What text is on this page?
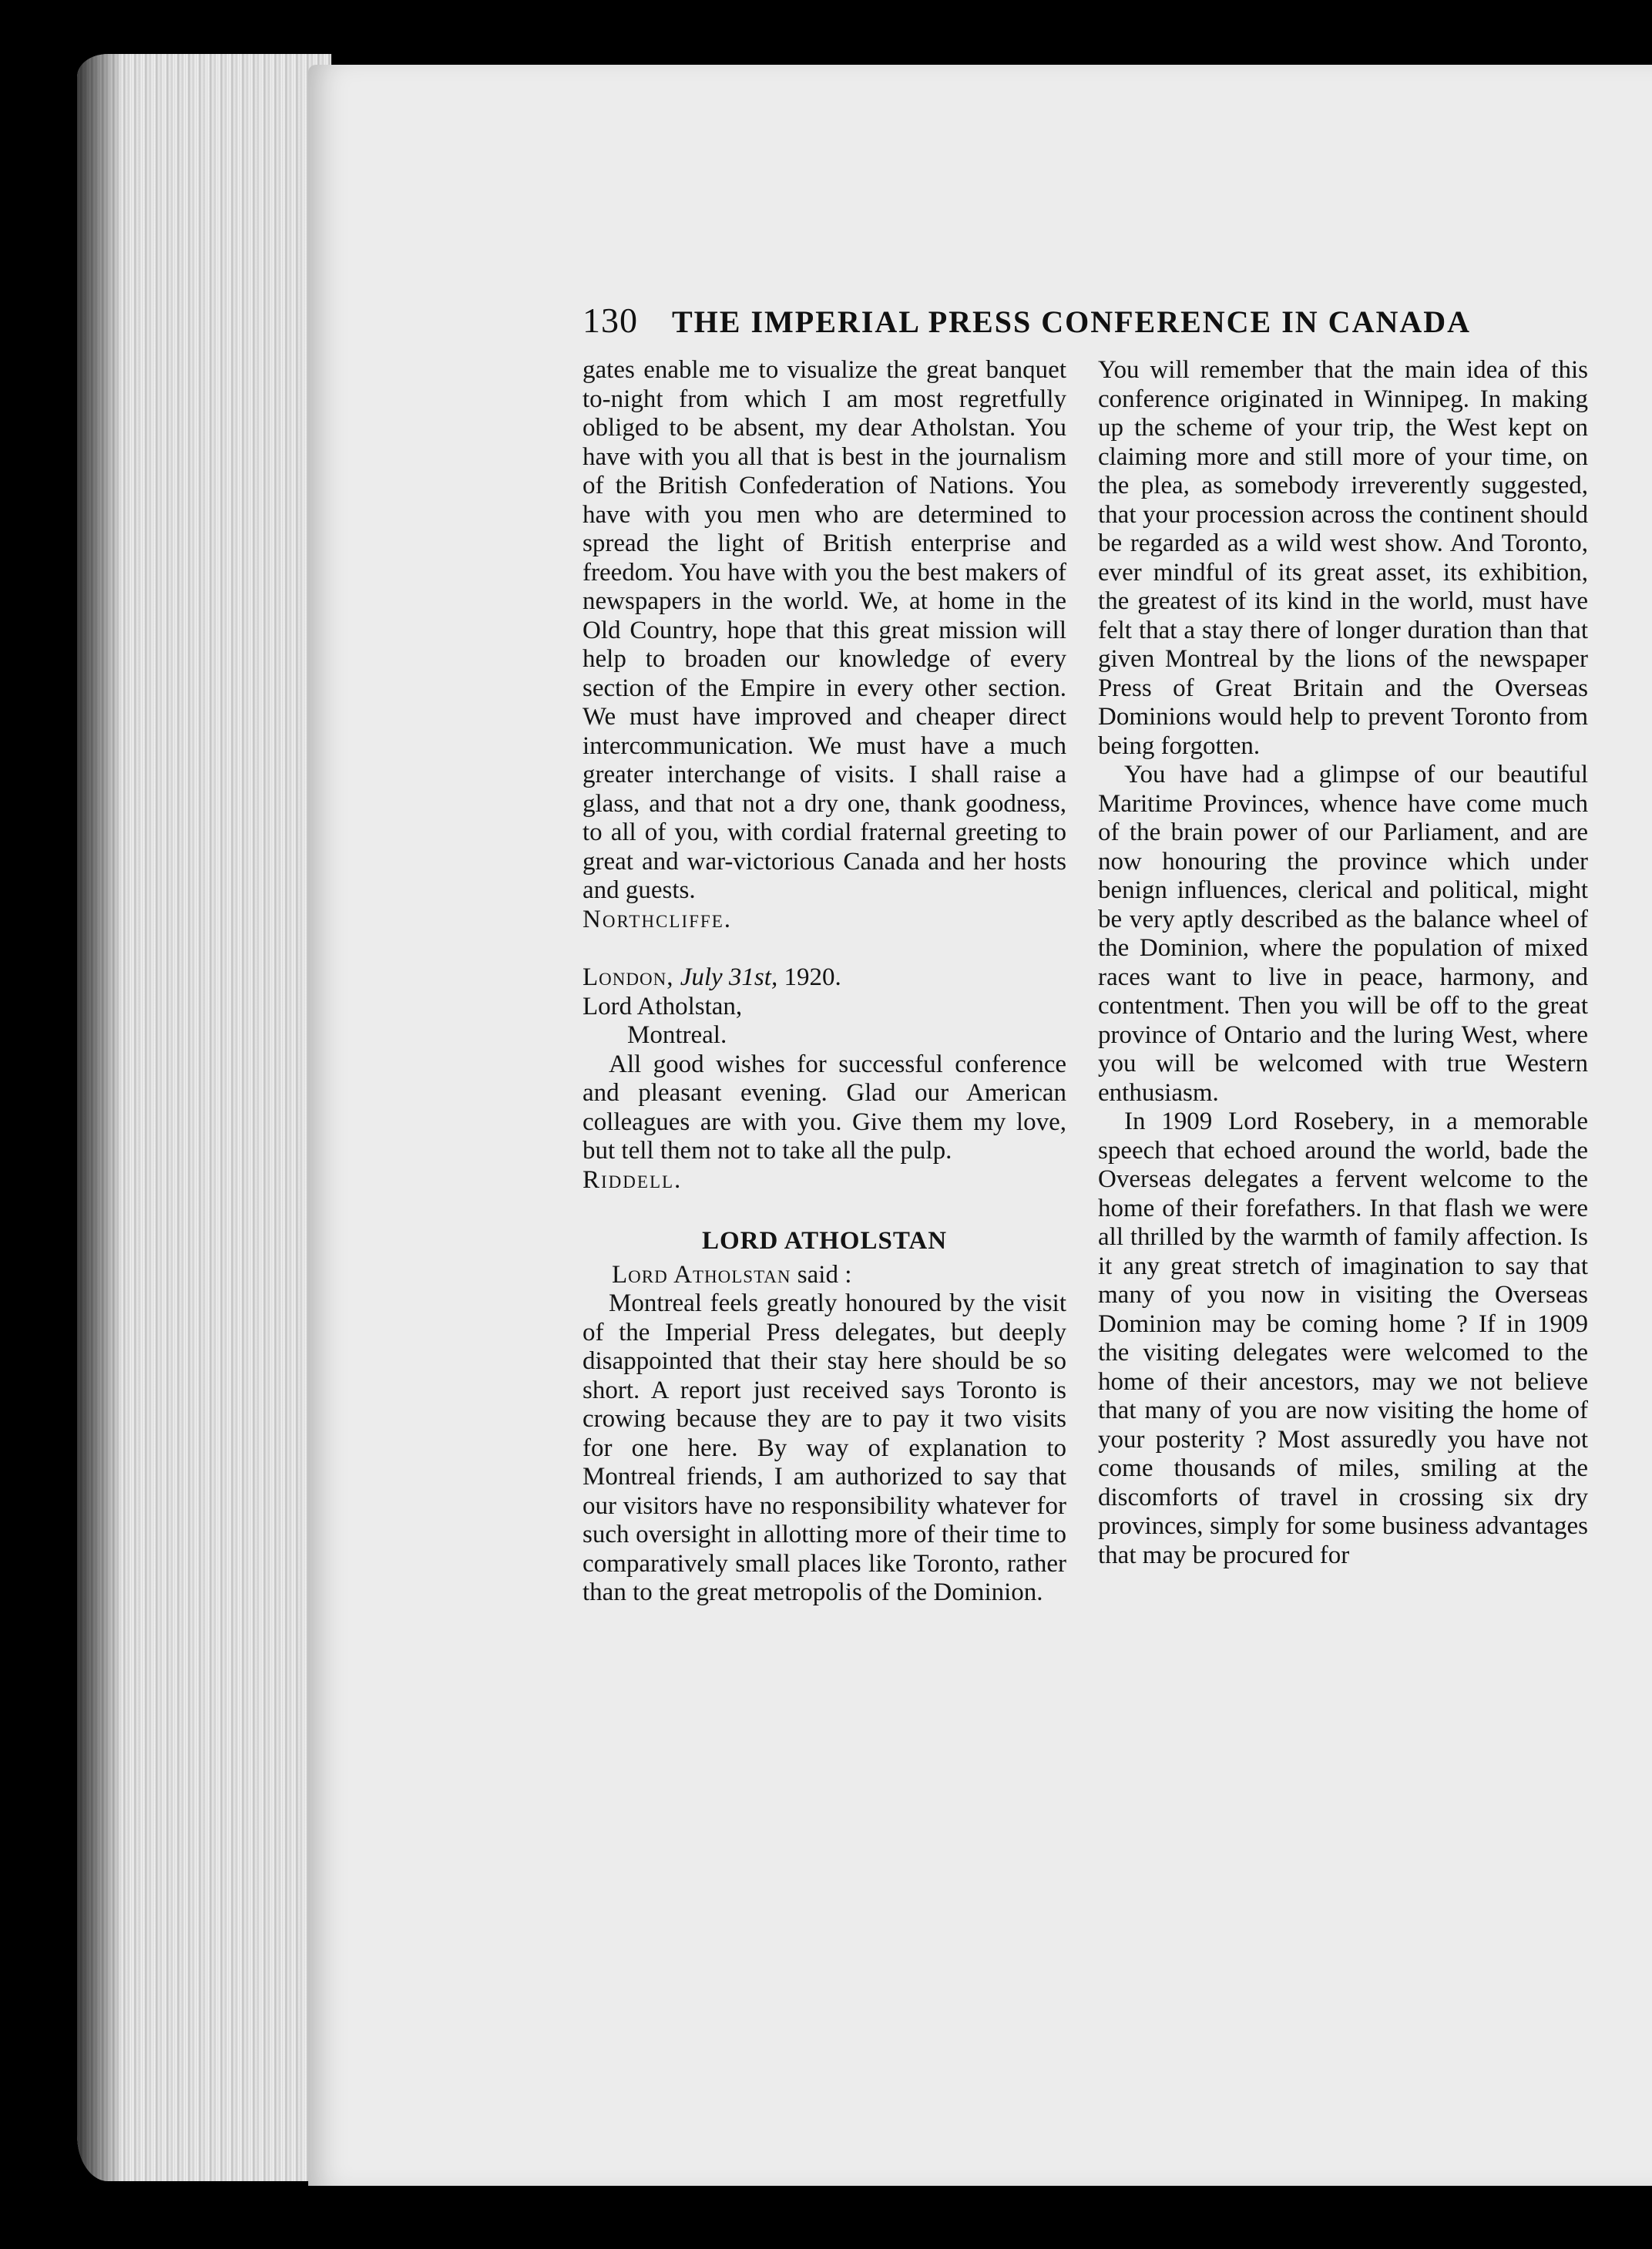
130 THE IMPERIAL PRESS CONFERENCE IN CANADA

gates enable me to visualize the great banquet to-night from which I am most regretfully obliged to be absent, my dear Atholstan. You have with you all that is best in the journalism of the British Confederation of Nations. You have with you men who are determined to spread the light of British enterprise and freedom. You have with you the best makers of newspapers in the world. We, at home in the Old Country, hope that this great mission will help to broaden our knowledge of every section of the Empire in every other section. We must have improved and cheaper direct intercommunication. We must have a much greater interchange of visits. I shall raise a glass, and that not a dry one, thank goodness, to all of you, with cordial fraternal greeting to great and war-victorious Canada and her hosts and guests.

Northcliffe.

London, July 31st, 1920.

Lord Atholstan,

Montreal.

All good wishes for successful conference and pleasant evening. Glad our American colleagues are with you. Give them my love, but tell them not to take all the pulp.

Riddell.

LORD ATHOLSTAN

Lord Atholstan said :

Montreal feels greatly honoured by the visit of the Imperial Press delegates, but deeply disappointed that their stay here should be so short. A report just received says Toronto is crowing because they are to pay it two visits for one here. By way of explanation to Montreal friends, I am authorized to say that our visitors have no responsibility whatever for such oversight in allotting more of their time to comparatively small places like Toronto, rather than to the great metropolis of the Dominion.

You will remember that the main idea of this conference originated in Winnipeg. In making up the scheme of your trip, the West kept on claiming more and still more of your time, on the plea, as somebody irreverently suggested, that your procession across the continent should be regarded as a wild west show. And Toronto, ever mindful of its great asset, its exhibition, the greatest of its kind in the world, must have felt that a stay there of longer duration than that given Montreal by the lions of the newspaper Press of Great Britain and the Overseas Dominions would help to prevent Toronto from being forgotten.

You have had a glimpse of our beautiful Maritime Provinces, whence have come much of the brain power of our Parliament, and are now honouring the province which under benign influences, clerical and political, might be very aptly described as the balance wheel of the Dominion, where the population of mixed races want to live in peace, harmony, and contentment. Then you will be off to the great province of Ontario and the luring West, where you will be welcomed with true Western enthusiasm.

In 1909 Lord Rosebery, in a memorable speech that echoed around the world, bade the Overseas delegates a fervent welcome to the home of their forefathers. In that flash we were all thrilled by the warmth of family affection. Is it any great stretch of imagination to say that many of you now in visiting the Overseas Dominion may be coming home ? If in 1909 the visiting delegates were welcomed to the home of their ancestors, may we not believe that many of you are now visiting the home of your posterity ? Most assuredly you have not come thousands of miles, smiling at the discomforts of travel in crossing six dry provinces, simply for some business advantages that may be procured for
